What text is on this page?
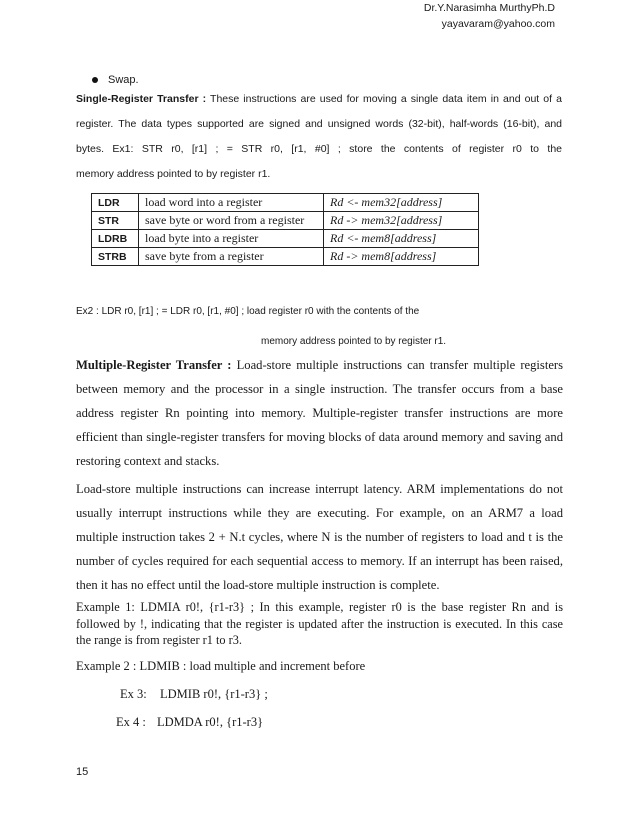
Dr.Y.Narasimha MurthyPh.D
yayavaram@yahoo.com
Swap.
Single-Register Transfer : These instructions are used for moving a single data item in and out of a
register. The data types supported are signed and unsigned words (32-bit), half-words (16-bit), and
bytes. Ex1: STR r0, [r1] ; = STR r0, [r1, #0] ; store the contents of register r0 to the
memory address pointed to by register r1.
LDR	load word into a register	Rd <- mem32[address]
STR	save byte or word from a register	Rd -> mem32[address]
LDRB	load byte into a register	Rd <- mem8[address]
STRB	save byte from a register	Rd -> mem8[address]
Ex2 : LDR r0, [r1] ; = LDR r0, [r1, #0] ; load register r0 with the contents of the
memory address pointed to by register r1.
Multiple-Register Transfer : Load-store multiple instructions can transfer multiple registers
between memory and the processor in a single instruction. The transfer occurs from a base
address register Rn pointing into memory. Multiple-register transfer instructions are more
efficient than single-register transfers for moving blocks of data around memory and saving and
restoring context and stacks.
Load-store multiple instructions can increase interrupt latency. ARM implementations do not
usually interrupt instructions while they are executing. For example, on an ARM7 a load
multiple instruction takes 2 + N.t cycles, where N is the number of registers to load and t is the
number of cycles required for each sequential access to memory. If an interrupt has been raised,
then it has no effect until the load-store multiple instruction is complete.
Example 1: LDMIA r0!, {r1-r3} ; In this example, register r0 is the base register Rn and is
followed by !, indicating that the register is updated after the instruction is executed. In this case
the range is from register r1 to r3.
Example 2 : LDMIB : load multiple and increment before
Ex 3: LDMIB r0!, {r1-r3} ;
Ex 4 : LDMDA r0!, {r1-r3}
15
